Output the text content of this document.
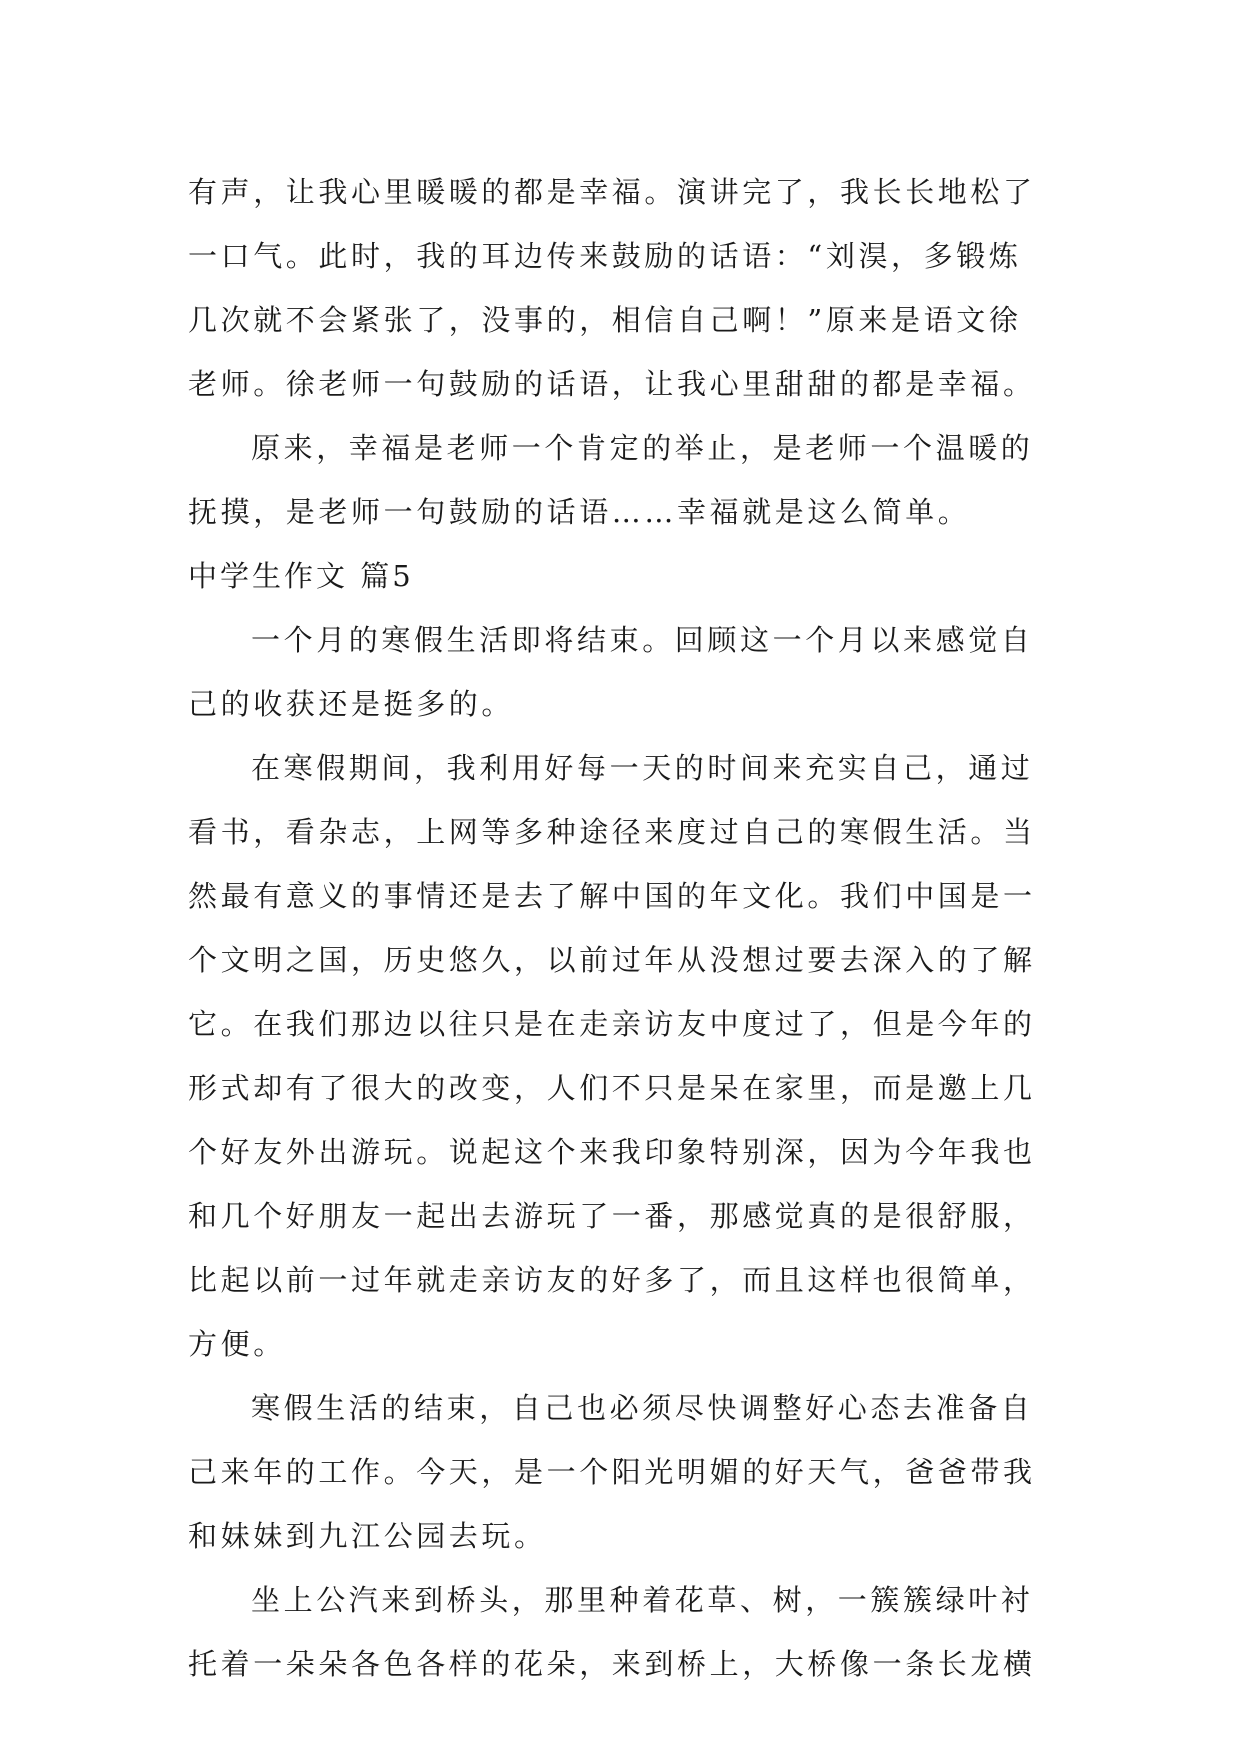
有声，让我心里暖暖的都是幸福。演讲完了，我长长地松了
一口气。此时，我的耳边传来鼓励的话语：“刘淏，多锻炼
几次就不会紧张了，没事的，相信自己啊！”原来是语文徐
老师。徐老师一句鼓励的话语，让我心里甜甜的都是幸福。
原来，幸福是老师一个肯定的举止，是老师一个温暖的
抚摸，是老师一句鼓励的话语……幸福就是这么简单。
中学生作文 篇5
一个月的寒假生活即将结束。回顾这一个月以来感觉自
己的收获还是挺多的。
在寒假期间，我利用好每一天的时间来充实自己，通过
看书，看杂志，上网等多种途径来度过自己的寒假生活。当
然最有意义的事情还是去了解中国的年文化。我们中国是一
个文明之国，历史悠久，以前过年从没想过要去深入的了解
它。在我们那边以往只是在走亲访友中度过了，但是今年的
形式却有了很大的改变，人们不只是呆在家里，而是邀上几
个好友外出游玩。说起这个来我印象特别深，因为今年我也
和几个好朋友一起出去游玩了一番，那感觉真的是很舒服，
比起以前一过年就走亲访友的好多了，而且这样也很简单，
方便。
寒假生活的结束，自己也必须尽快调整好心态去准备自
己来年的工作。今天，是一个阳光明媚的好天气，爸爸带我
和妹妹到九江公园去玩。
坐上公汽来到桥头，那里种着花草、树，一簇簇绿叶衬
托着一朵朵各色各样的花朵，来到桥上，大桥像一条长龙横
